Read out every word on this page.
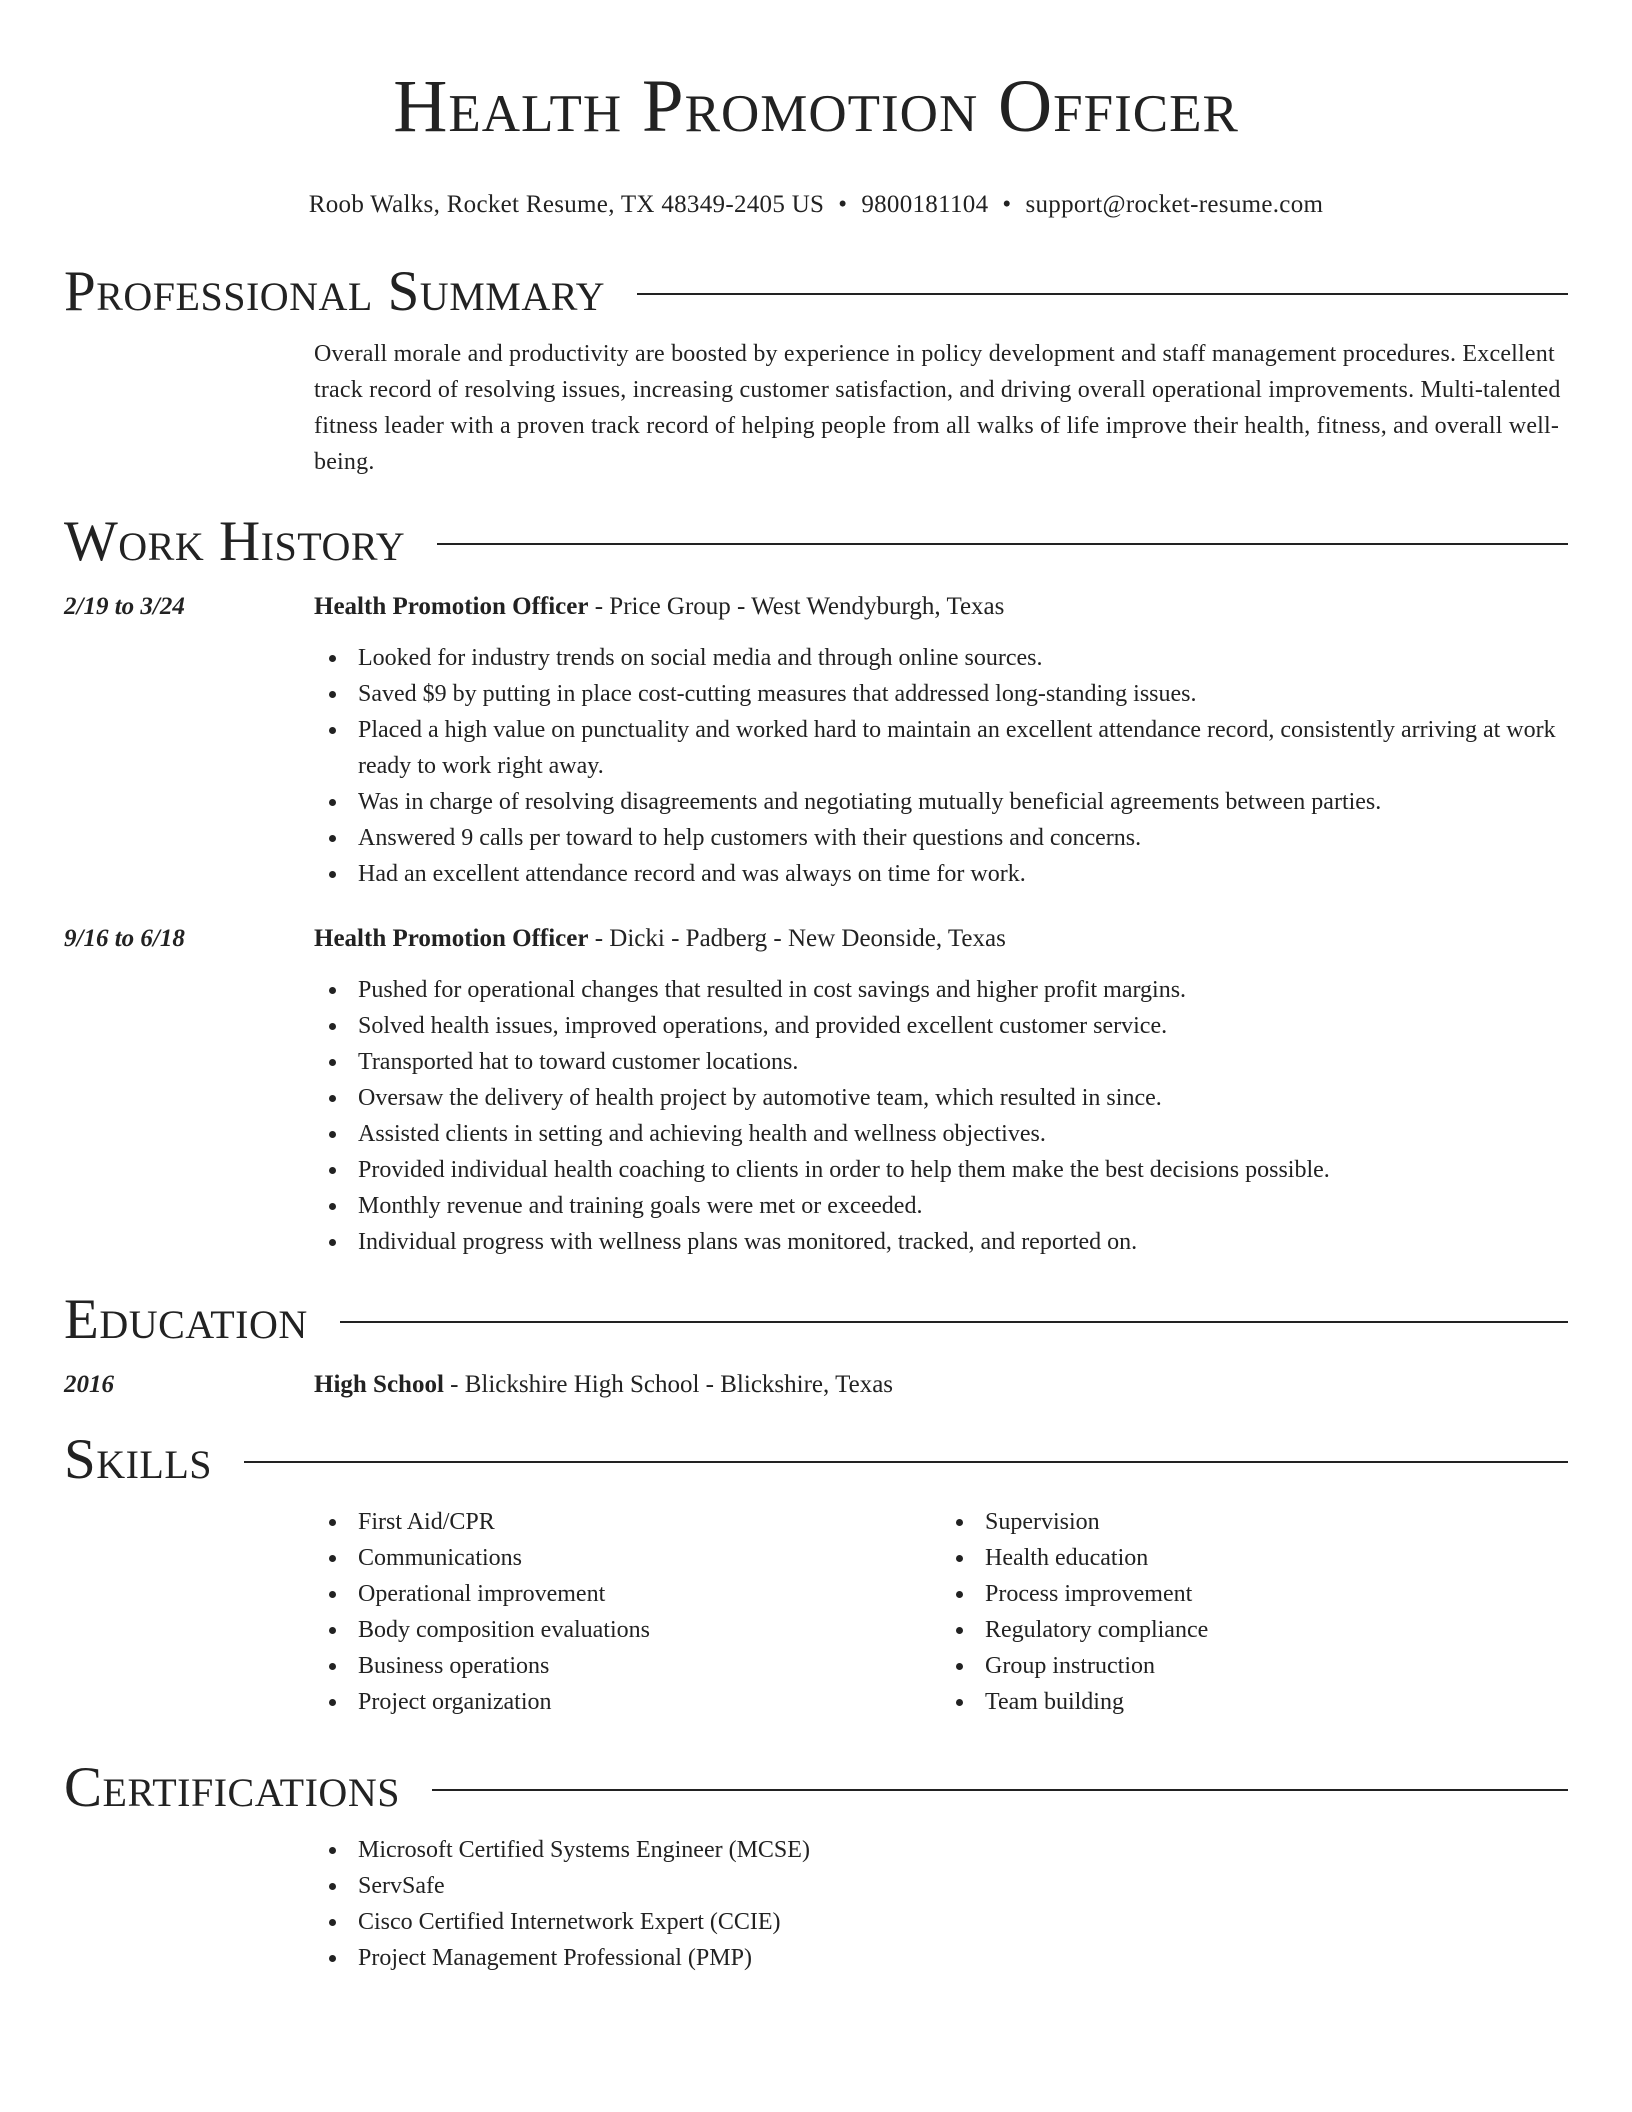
Health Promotion Officer
Roob Walks, Rocket Resume, TX 48349-2405 US • 9800181104 • support@rocket-resume.com
Professional Summary
Overall morale and productivity are boosted by experience in policy development and staff management procedures. Excellent track record of resolving issues, increasing customer satisfaction, and driving overall operational improvements. Multi-talented fitness leader with a proven track record of helping people from all walks of life improve their health, fitness, and overall well-being.
Work History
2/19 to 3/24	Health Promotion Officer - Price Group - West Wendyburgh, Texas
Looked for industry trends on social media and through online sources.
Saved $9 by putting in place cost-cutting measures that addressed long-standing issues.
Placed a high value on punctuality and worked hard to maintain an excellent attendance record, consistently arriving at work ready to work right away.
Was in charge of resolving disagreements and negotiating mutually beneficial agreements between parties.
Answered 9 calls per toward to help customers with their questions and concerns.
Had an excellent attendance record and was always on time for work.
9/16 to 6/18	Health Promotion Officer - Dicki - Padberg - New Deonside, Texas
Pushed for operational changes that resulted in cost savings and higher profit margins.
Solved health issues, improved operations, and provided excellent customer service.
Transported hat to toward customer locations.
Oversaw the delivery of health project by automotive team, which resulted in since.
Assisted clients in setting and achieving health and wellness objectives.
Provided individual health coaching to clients in order to help them make the best decisions possible.
Monthly revenue and training goals were met or exceeded.
Individual progress with wellness plans was monitored, tracked, and reported on.
Education
2016	High School - Blickshire High School - Blickshire, Texas
Skills
First Aid/CPR
Communications
Operational improvement
Body composition evaluations
Business operations
Project organization
Supervision
Health education
Process improvement
Regulatory compliance
Group instruction
Team building
Certifications
Microsoft Certified Systems Engineer (MCSE)
ServSafe
Cisco Certified Internetwork Expert (CCIE)
Project Management Professional (PMP)
